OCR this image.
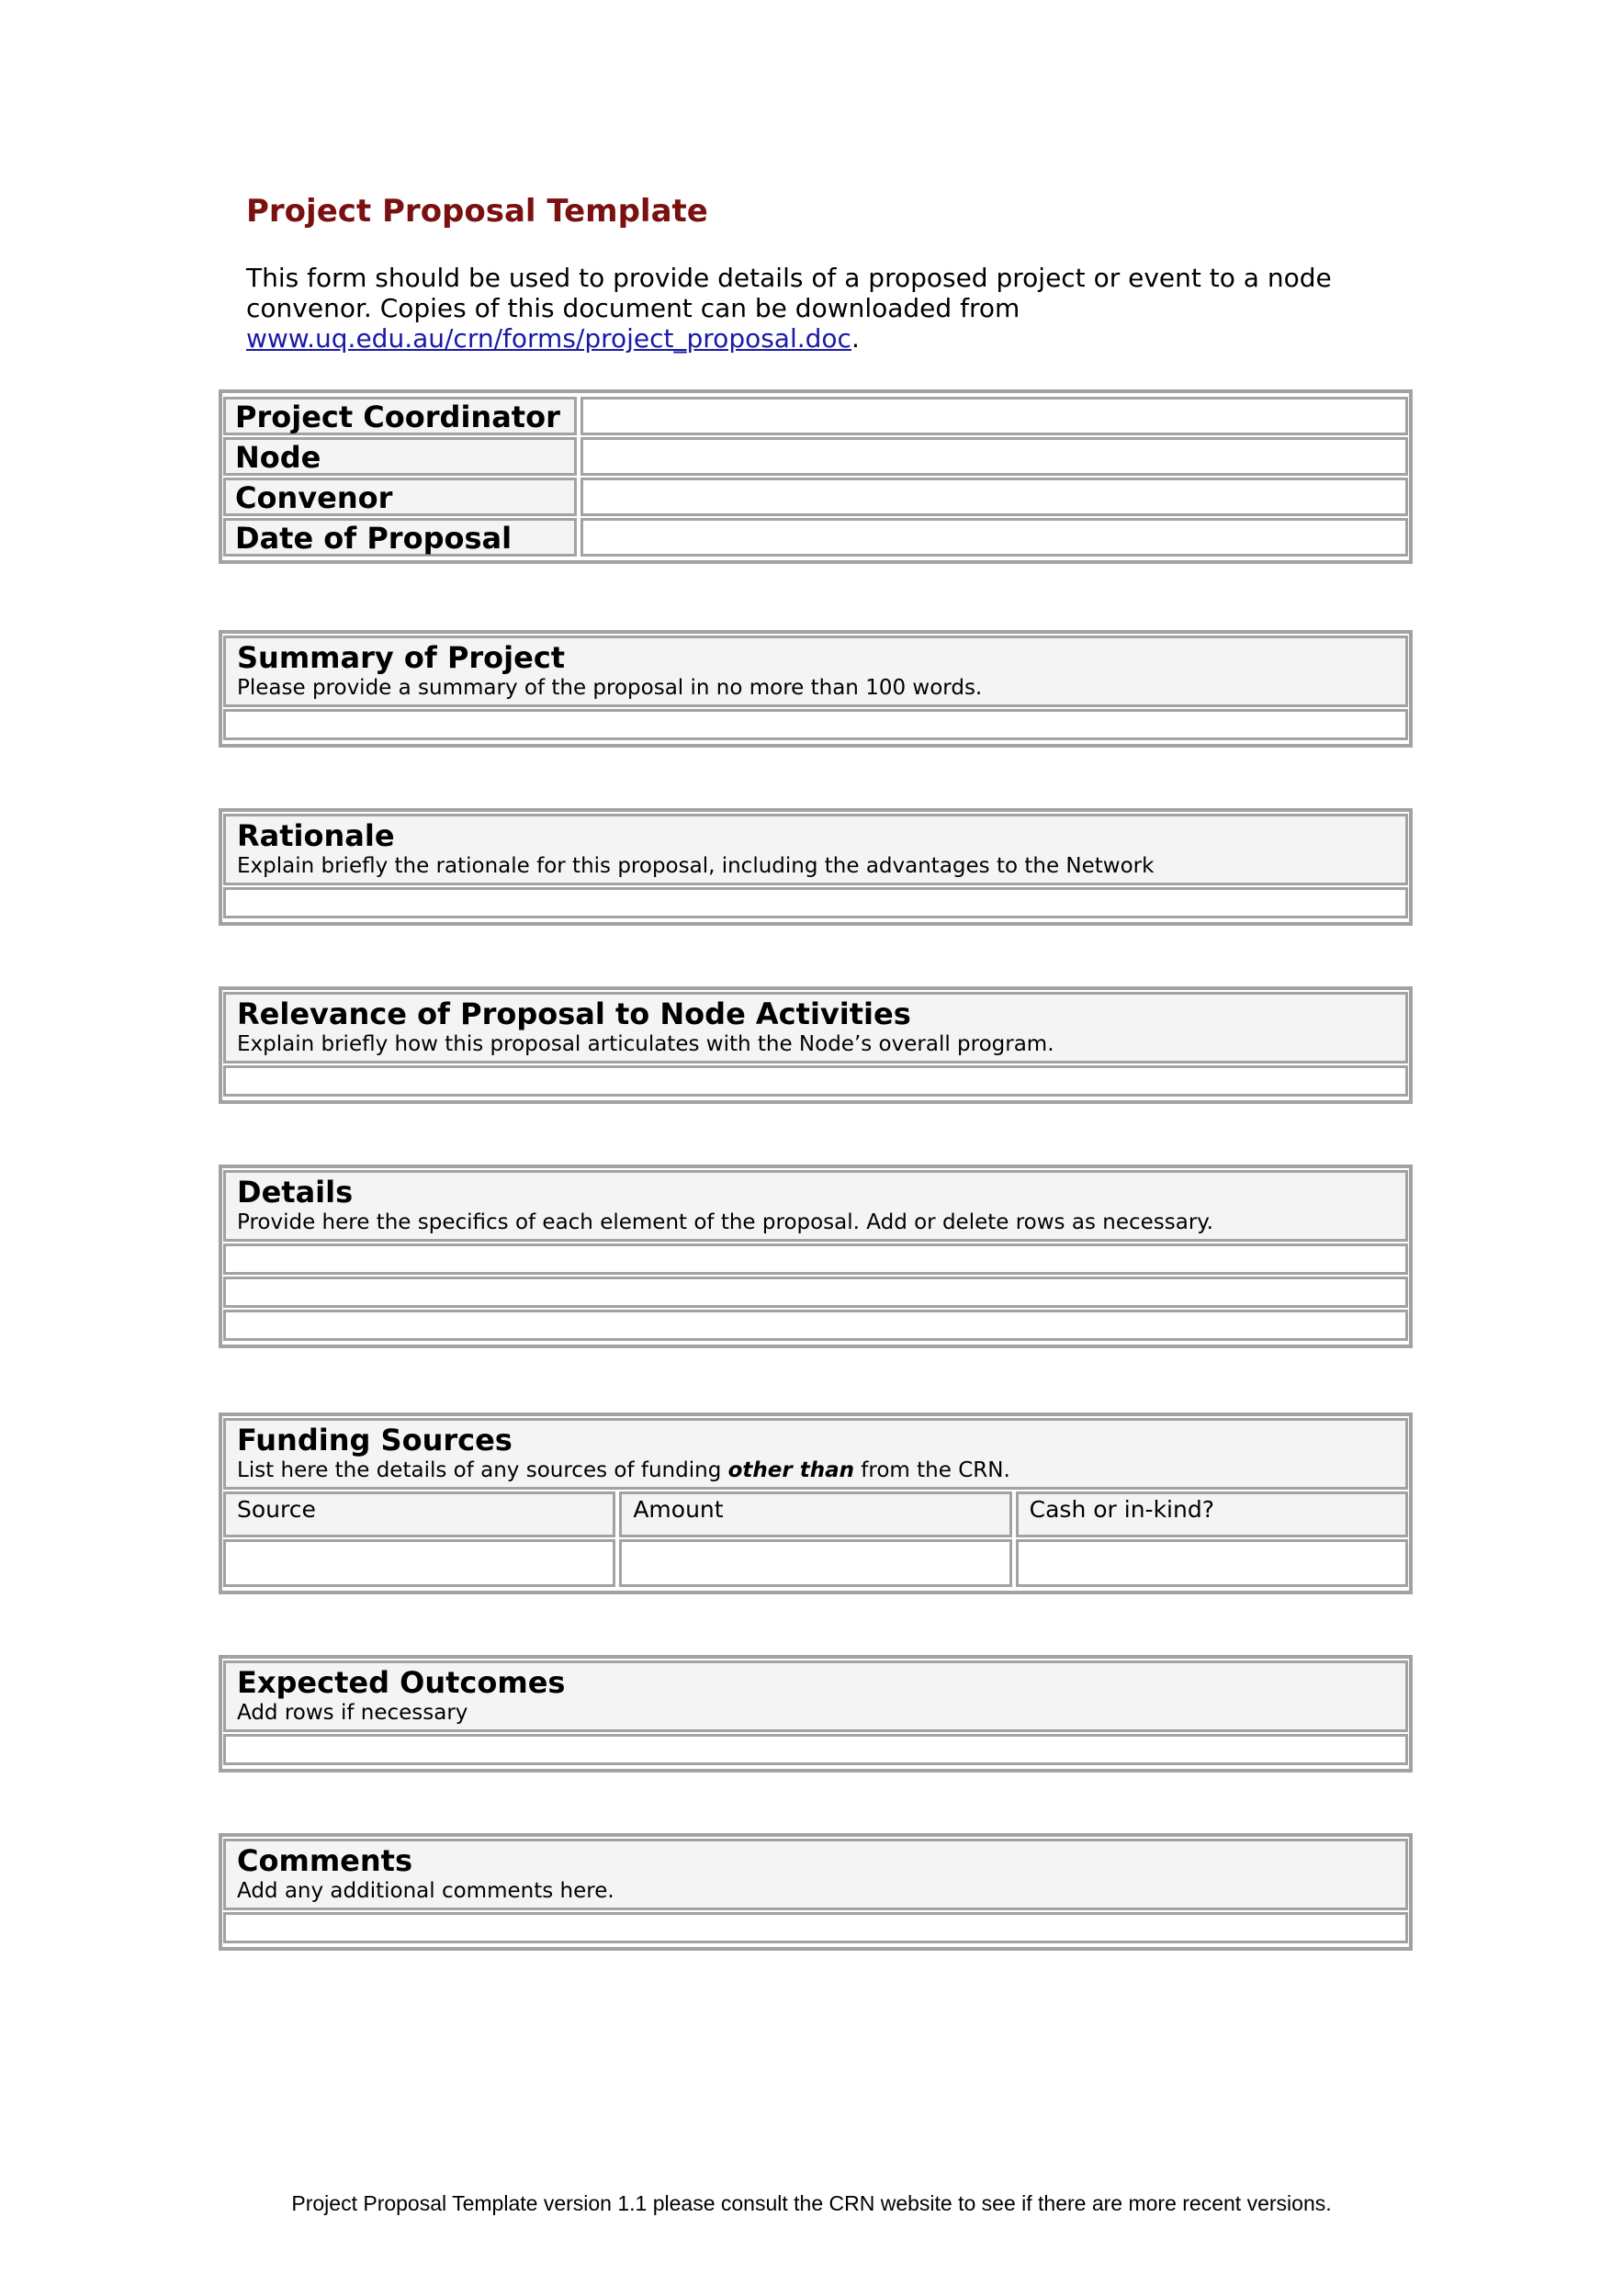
Project Proposal Template

This form should be used to provide details of a proposed project or event to a node convenor. Copies of this document can be downloaded from www.uq.edu.au/crn/forms/project_proposal.doc.

Project Coordinator
Node
Convenor
Date of Proposal
Summary of Project
Please provide a summary of the proposal in no more than 100 words.
Rationale
Explain briefly the rationale for this proposal, including the advantages to the Network
Relevance of Proposal to Node Activities
Explain briefly how this proposal articulates with the Node’s overall program.
Details
Provide here the specifics of each element of the proposal. Add or delete rows as necessary.
Funding Sources
List here the details of any sources of funding other than from the CRN.
Source	Amount	Cash or in-kind?
Expected Outcomes
Add rows if necessary
Comments
Add any additional comments here.
Project Proposal Template version 1.1 please consult the CRN website to see if there are more recent versions.
